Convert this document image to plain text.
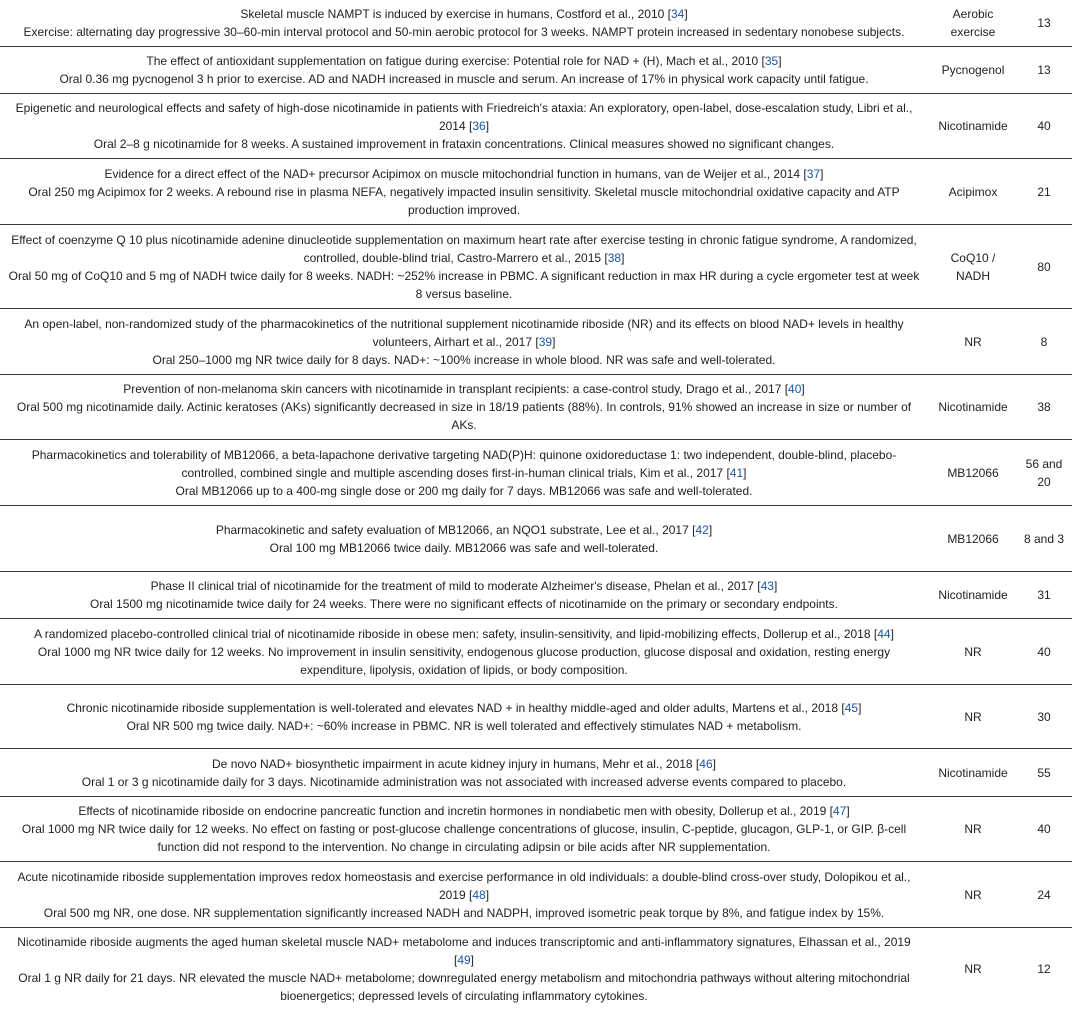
Skeletal muscle NAMPT is induced by exercise in humans, Costford et al., 2010 [34]
Exercise: alternating day progressive 30–60-min interval protocol and 50-min aerobic protocol for 3 weeks. NAMPT protein increased in sedentary nonobese subjects.	Aerobic exercise	13

The effect of antioxidant supplementation on fatigue during exercise: Potential role for NAD + (H), Mach et al., 2010 [35]
Oral 0.36 mg pycnogenol 3 h prior to exercise. AD and NADH increased in muscle and serum. An increase of 17% in physical work capacity until fatigue.	Pycnogenol	13

Epigenetic and neurological effects and safety of high-dose nicotinamide in patients with Friedreich's ataxia: An exploratory, open-label, dose-escalation study, Libri et al., 2014 [36]
Oral 2–8 g nicotinamide for 8 weeks. A sustained improvement in frataxin concentrations. Clinical measures showed no significant changes.	Nicotinamide	40

Evidence for a direct effect of the NAD+ precursor Acipimox on muscle mitochondrial function in humans, van de Weijer et al., 2014 [37]
Oral 250 mg Acipimox for 2 weeks. A rebound rise in plasma NEFA, negatively impacted insulin sensitivity. Skeletal muscle mitochondrial oxidative capacity and ATP production improved.	Acipimox	21

Effect of coenzyme Q 10 plus nicotinamide adenine dinucleotide supplementation on maximum heart rate after exercise testing in chronic fatigue syndrome, A randomized, controlled, double-blind trial, Castro-Marrero et al., 2015 [38]
Oral 50 mg of CoQ10 and 5 mg of NADH twice daily for 8 weeks. NADH: ~252% increase in PBMC. A significant reduction in max HR during a cycle ergometer test at week 8 versus baseline.	CoQ10 / NADH	80

An open-label, non-randomized study of the pharmacokinetics of the nutritional supplement nicotinamide riboside (NR) and its effects on blood NAD+ levels in healthy volunteers, Airhart et al., 2017 [39]
Oral 250–1000 mg NR twice daily for 8 days. NAD+: ~100% increase in whole blood. NR was safe and well-tolerated.	NR	8

Prevention of non-melanoma skin cancers with nicotinamide in transplant recipients: a case-control study, Drago et al., 2017 [40]
Oral 500 mg nicotinamide daily. Actinic keratoses (AKs) significantly decreased in size in 18/19 patients (88%). In controls, 91% showed an increase in size or number of AKs.	Nicotinamide	38

Pharmacokinetics and tolerability of MB12066, a beta-lapachone derivative targeting NAD(P)H: quinone oxidoreductase 1: two independent, double-blind, placebo-controlled, combined single and multiple ascending doses first-in-human clinical trials, Kim et al., 2017 [41]
Oral MB12066 up to a 400-mg single dose or 200 mg daily for 7 days. MB12066 was safe and well-tolerated.	MB12066	56 and 20

Pharmacokinetic and safety evaluation of MB12066, an NQO1 substrate, Lee et al., 2017 [42]
Oral 100 mg MB12066 twice daily. MB12066 was safe and well-tolerated.	MB12066	8 and 3

Phase II clinical trial of nicotinamide for the treatment of mild to moderate Alzheimer's disease, Phelan et al., 2017 [43]
Oral 1500 mg nicotinamide twice daily for 24 weeks. There were no significant effects of nicotinamide on the primary or secondary endpoints.	Nicotinamide	31

A randomized placebo-controlled clinical trial of nicotinamide riboside in obese men: safety, insulin-sensitivity, and lipid-mobilizing effects, Dollerup et al., 2018 [44]
Oral 1000 mg NR twice daily for 12 weeks. No improvement in insulin sensitivity, endogenous glucose production, glucose disposal and oxidation, resting energy expenditure, lipolysis, oxidation of lipids, or body composition.	NR	40

Chronic nicotinamide riboside supplementation is well-tolerated and elevates NAD + in healthy middle-aged and older adults, Martens et al., 2018 [45]
Oral NR 500 mg twice daily. NAD+: ~60% increase in PBMC. NR is well tolerated and effectively stimulates NAD + metabolism.	NR	30

De novo NAD+ biosynthetic impairment in acute kidney injury in humans, Mehr et al., 2018 [46]
Oral 1 or 3 g nicotinamide daily for 3 days. Nicotinamide administration was not associated with increased adverse events compared to placebo.	Nicotinamide	55

Effects of nicotinamide riboside on endocrine pancreatic function and incretin hormones in nondiabetic men with obesity, Dollerup et al., 2019 [47]
Oral 1000 mg NR twice daily for 12 weeks. No effect on fasting or post-glucose challenge concentrations of glucose, insulin, C-peptide, glucagon, GLP-1, or GIP. β-cell function did not respond to the intervention. No change in circulating adipsin or bile acids after NR supplementation.	NR	40

Acute nicotinamide riboside supplementation improves redox homeostasis and exercise performance in old individuals: a double-blind cross-over study, Dolopikou et al., 2019 [48]
Oral 500 mg NR, one dose. NR supplementation significantly increased NADH and NADPH, improved isometric peak torque by 8%, and fatigue index by 15%.	NR	24

Nicotinamide riboside augments the aged human skeletal muscle NAD+ metabolome and induces transcriptomic and anti-inflammatory signatures, Elhassan et al., 2019 [49]
Oral 1 g NR daily for 21 days. NR elevated the muscle NAD+ metabolome; downregulated energy metabolism and mitochondria pathways without altering mitochondrial bioenergetics; depressed levels of circulating inflammatory cytokines.	NR	12
